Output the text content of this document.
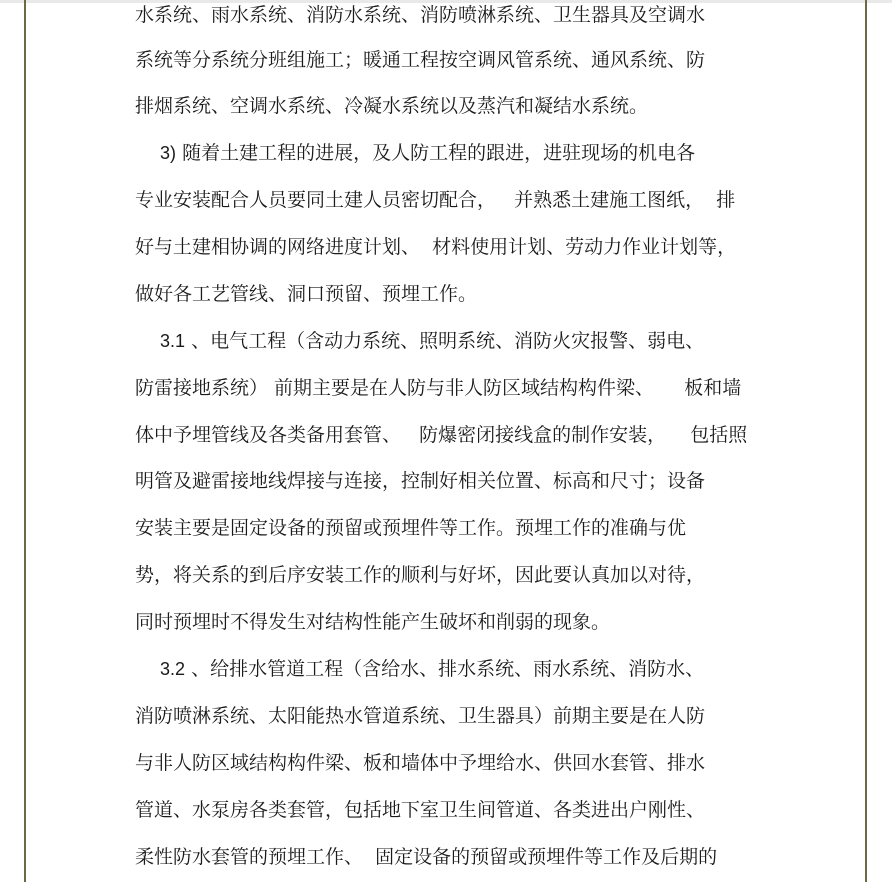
水系统、雨水系统、消防水系统、消防喷淋系统、卫生器具及空调水
系统等分系统分班组施工；暖通工程按空调风管系统、通风系统、防
排烟系统、空调水系统、冷凝水系统以及蒸汽和凝结水系统。
3) 随着土建工程的进展，及人防工程的跟进，进驻现场的机电各
专业安装配合人员要同土建人员密切配合，   并熟悉土建施工图纸，  排
好与土建相协调的网络进度计划、  材料使用计划、劳动力作业计划等，
做好各工艺管线、洞口预留、预埋工作。
3.1 、电气工程（含动力系统、照明系统、消防火灾报警、弱电、
防雷接地系统） 前期主要是在人防与非人防区域结构构件梁、     板和墙
体中予埋管线及各类备用套管、   防爆密闭接线盒的制作安装，    包括照
明管及避雷接地线焊接与连接，控制好相关位置、标高和尺寸；设备
安装主要是固定设备的预留或预埋件等工作。预埋工作的准确与优
势，将关系的到后序安装工作的顺利与好坏，因此要认真加以对待，
同时预埋时不得发生对结构性能产生破坏和削弱的现象。
3.2 、给排水管道工程（含给水、排水系统、雨水系统、消防水、
消防喷淋系统、太阳能热水管道系统、卫生器具）前期主要是在人防
与非人防区域结构构件梁、板和墙体中予埋给水、供回水套管、排水
管道、水泵房各类套管，包括地下室卫生间管道、各类进出户刚性、
柔性防水套管的预埋工作、  固定设备的预留或预埋件等工作及后期的
